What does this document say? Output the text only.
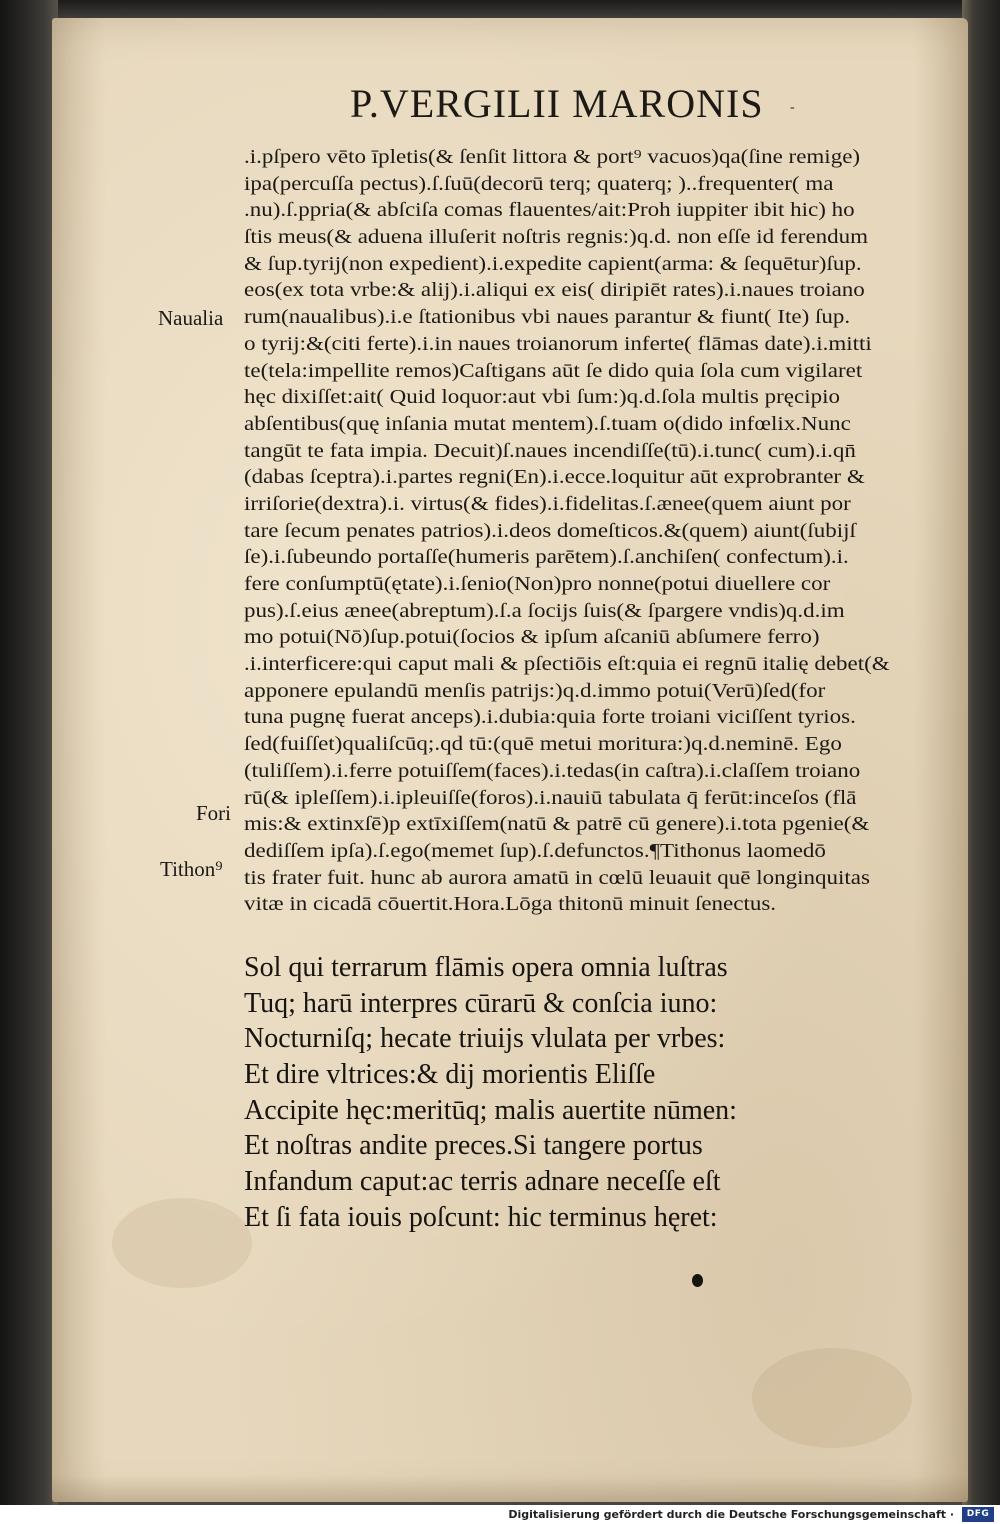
P.VERGILII MARONIS -
.i.pſpero vēto īpletis(& ſenſit littora & port⁹ vacuos)qa(ſine remige)
ipa(percuſſa pectus).ſ.ſuū(decorū terq; quaterq; )..frequenter( ma
.nu).ſ.ppria(& abſciſa comas flauentes/ait:Proh iuppiter ibit hic) ho
ſtis meus(& aduena illuſerit noſtris regnis:)q.d. non eſſe id ferendum
& ſup.tyrij(non expedient).i.expedite capient(arma: & ſequētur)ſup.
eos(ex tota vrbe:& alij).i.aliqui ex eis( diripiēt rates).i.naues troiano
rum(naualibus).i.e ſtationibus vbi naues parantur & fiunt( Ite) ſup.
o tyrij:&(citi ferte).i.in naues troianorum inferte( flāmas date).i.mitti
te(tela:impellite remos)Caſtigans aūt ſe dido quia ſola cum vigilaret
hęc dixiſſet:ait( Quid loquor:aut vbi ſum:)q.d.ſola multis pręcipio
abſentibus(quę inſania mutat mentem).ſ.tuam o(dido infœlix.Nunc
tangūt te fata impia. Decuit)ſ.naues incendiſſe(tū).i.tunc( cum).i.qn̄
(dabas ſceptra).i.partes regni(En).i.ecce.loquitur aūt exprobranter &
irriſorie(dextra).i. virtus(& fides).i.fidelitas.ſ.ænee(quem aiunt por
tare ſecum penates patrios).i.deos domeſticos.&(quem) aiunt(ſubijſ
ſe).i.ſubeundo portaſſe(humeris parētem).ſ.anchiſen( confectum).i.
fere conſumptū(ętate).i.ſenio(Non)pro nonne(potui diuellere cor
pus).ſ.eius ænee(abreptum).ſ.a ſocijs ſuis(& ſpargere vndis)q.d.im
mo potui(Nō)ſup.potui(ſocios & ipſum aſcaniū abſumere ferro)
.i.interficere:qui caput mali & pſectiōis eſt:quia ei regnū italię debet(&
apponere epulandū menſis patrijs:)q.d.immo potui(Verū)ſed(for
tuna pugnę fuerat anceps).i.dubia:quia forte troiani viciſſent tyrios.
ſed(fuiſſet)qualiſcūq;.qd tū:(quē metui moritura:)q.d.neminē. Ego
(tuliſſem).i.ferre potuiſſem(faces).i.tedas(in caſtra).i.claſſem troiano
rū(& ipleſſem).i.ipleuiſſe(foros).i.nauiū tabulata q̄ ferūt:inceſos (flā
mis:& extinxſē)p extīxiſſem(natū & patrē cū genere).i.tota pgenie(&
dediſſem ipſa).ſ.ego(memet ſup).ſ.defunctos.¶Tithonus laomedō
tis frater fuit. hunc ab aurora amatū in cœlū leuauit quē longinquitas
vitæ in cicadā cōuertit.Hora.Lōga thitonū minuit ſenectus.
Naualia
Fori
Tithon⁹
Sol qui terrarum flāmis opera omnia luſtras
Tuq; harū interpres cūrarū & conſcia iuno:
Nocturniſq; hecate triuijs vlulata per vrbes:
Et dire vltrices:& dij morientis Eliſſe
Accipite hęc:meritūq; malis auertite nūmen:
Et noſtras andite preces.Si tangere portus
Infandum caput:ac terris adnare neceſſe eſt
Et ſi fata iouis poſcunt: hic terminus hęret:
Digitalisierung gefördert durch die Deutsche Forschungsgemeinschaft ·	DFG
